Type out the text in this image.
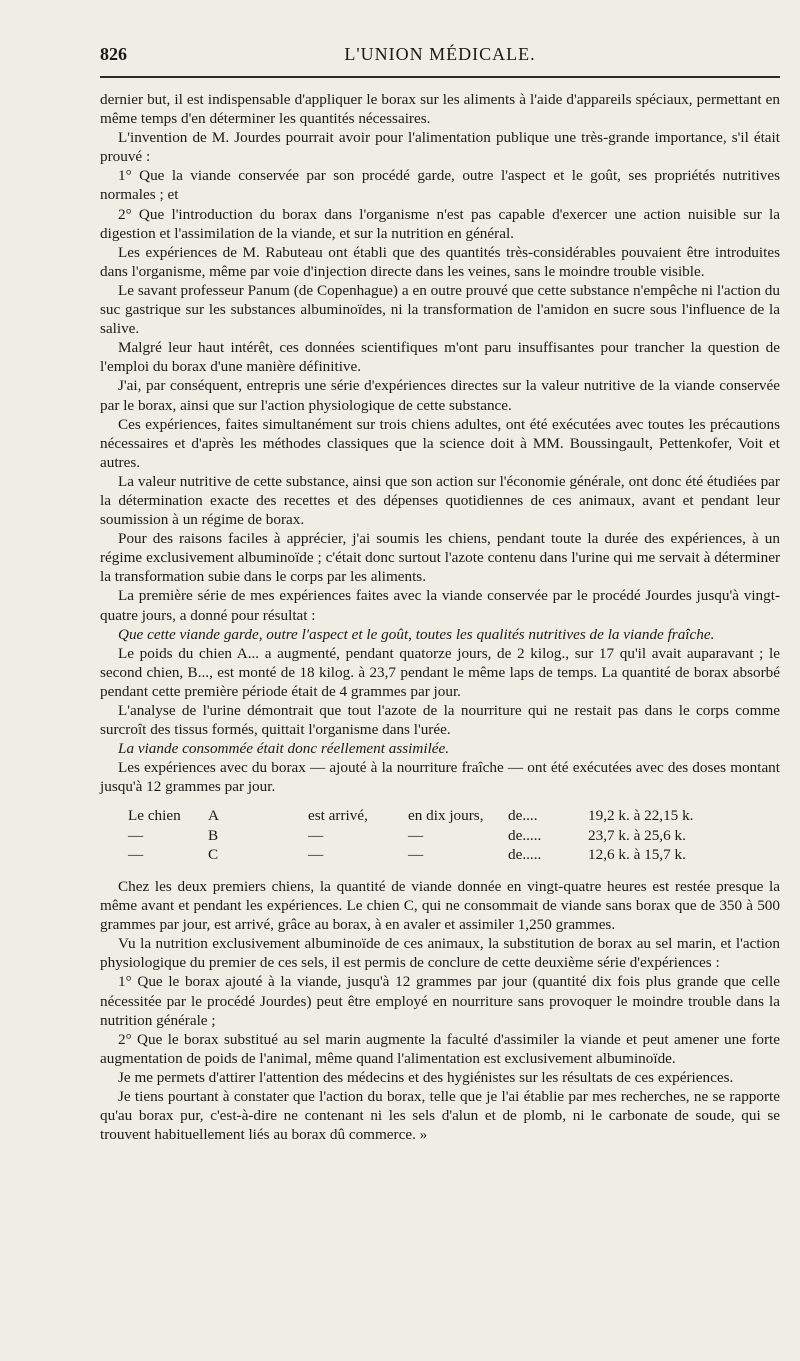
826	L'UNION MÉDICALE.

dernier but, il est indispensable d'appliquer le borax sur les aliments à l'aide d'appareils spéciaux, permettant en même temps d'en déterminer les quantités nécessaires.

L'invention de M. Jourdes pourrait avoir pour l'alimentation publique une très-grande importance, s'il était prouvé :

1° Que la viande conservée par son procédé garde, outre l'aspect et le goût, ses propriétés nutritives normales ; et

2° Que l'introduction du borax dans l'organisme n'est pas capable d'exercer une action nuisible sur la digestion et l'assimilation de la viande, et sur la nutrition en général.

Les expériences de M. Rabuteau ont établi que des quantités très-considérables pouvaient être introduites dans l'organisme, même par voie d'injection directe dans les veines, sans le moindre trouble visible.

Le savant professeur Panum (de Copenhague) a en outre prouvé que cette substance n'empêche ni l'action du suc gastrique sur les substances albuminoïdes, ni la transformation de l'amidon en sucre sous l'influence de la salive.

Malgré leur haut intérêt, ces données scientifiques m'ont paru insuffisantes pour trancher la question de l'emploi du borax d'une manière définitive.

J'ai, par conséquent, entrepris une série d'expériences directes sur la valeur nutritive de la viande conservée par le borax, ainsi que sur l'action physiologique de cette substance.

Ces expériences, faites simultanément sur trois chiens adultes, ont été exécutées avec toutes les précautions nécessaires et d'après les méthodes classiques que la science doit à MM. Boussingault, Pettenkofer, Voit et autres.

La valeur nutritive de cette substance, ainsi que son action sur l'économie générale, ont donc été étudiées par la détermination exacte des recettes et des dépenses quotidiennes de ces animaux, avant et pendant leur soumission à un régime de borax.

Pour des raisons faciles à apprécier, j'ai soumis les chiens, pendant toute la durée des expériences, à un régime exclusivement albuminoïde ; c'était donc surtout l'azote contenu dans l'urine qui me servait à déterminer la transformation subie dans le corps par les aliments.

La première série de mes expériences faites avec la viande conservée par le procédé Jourdes jusqu'à vingt-quatre jours, a donné pour résultat :

Que cette viande garde, outre l'aspect et le goût, toutes les qualités nutritives de la viande fraîche.

Le poids du chien A... a augmenté, pendant quatorze jours, de 2 kilog., sur 17 qu'il avait auparavant ; le second chien, B..., est monté de 18 kilog. à 23,7 pendant le même laps de temps. La quantité de borax absorbé pendant cette première période était de 4 grammes par jour.

L'analyse de l'urine démontrait que tout l'azote de la nourriture qui ne restait pas dans le corps comme surcroît des tissus formés, quittait l'organisme dans l'urée.

La viande consommée était donc réellement assimilée.

Les expériences avec du borax — ajouté à la nourriture fraîche — ont été exécutées avec des doses montant jusqu'à 12 grammes par jour.

Le chien	A	est arrivé,	en dix jours,	de....	19,2 k. à 22,15 k.
—	B	—	—	de.....	23,7 k. à 25,6 k.
—	C	—	—	de.....	12,6 k. à 15,7 k.

Chez les deux premiers chiens, la quantité de viande donnée en vingt-quatre heures est restée presque la même avant et pendant les expériences. Le chien C, qui ne consommait de viande sans borax que de 350 à 500 grammes par jour, est arrivé, grâce au borax, à en avaler et assimiler 1,250 grammes.

Vu la nutrition exclusivement albuminoïde de ces animaux, la substitution de borax au sel marin, et l'action physiologique du premier de ces sels, il est permis de conclure de cette deuxième série d'expériences :

1° Que le borax ajouté à la viande, jusqu'à 12 grammes par jour (quantité dix fois plus grande que celle nécessitée par le procédé Jourdes) peut être employé en nourriture sans provoquer le moindre trouble dans la nutrition générale ;

2° Que le borax substitué au sel marin augmente la faculté d'assimiler la viande et peut amener une forte augmentation de poids de l'animal, même quand l'alimentation est exclusivement albuminoïde.

Je me permets d'attirer l'attention des médecins et des hygiénistes sur les résultats de ces expériences.

Je tiens pourtant à constater que l'action du borax, telle que je l'ai établie par mes recherches, ne se rapporte qu'au borax pur, c'est-à-dire ne contenant ni les sels d'alun et de plomb, ni le carbonate de soude, qui se trouvent habituellement liés au borax dû commerce. »
